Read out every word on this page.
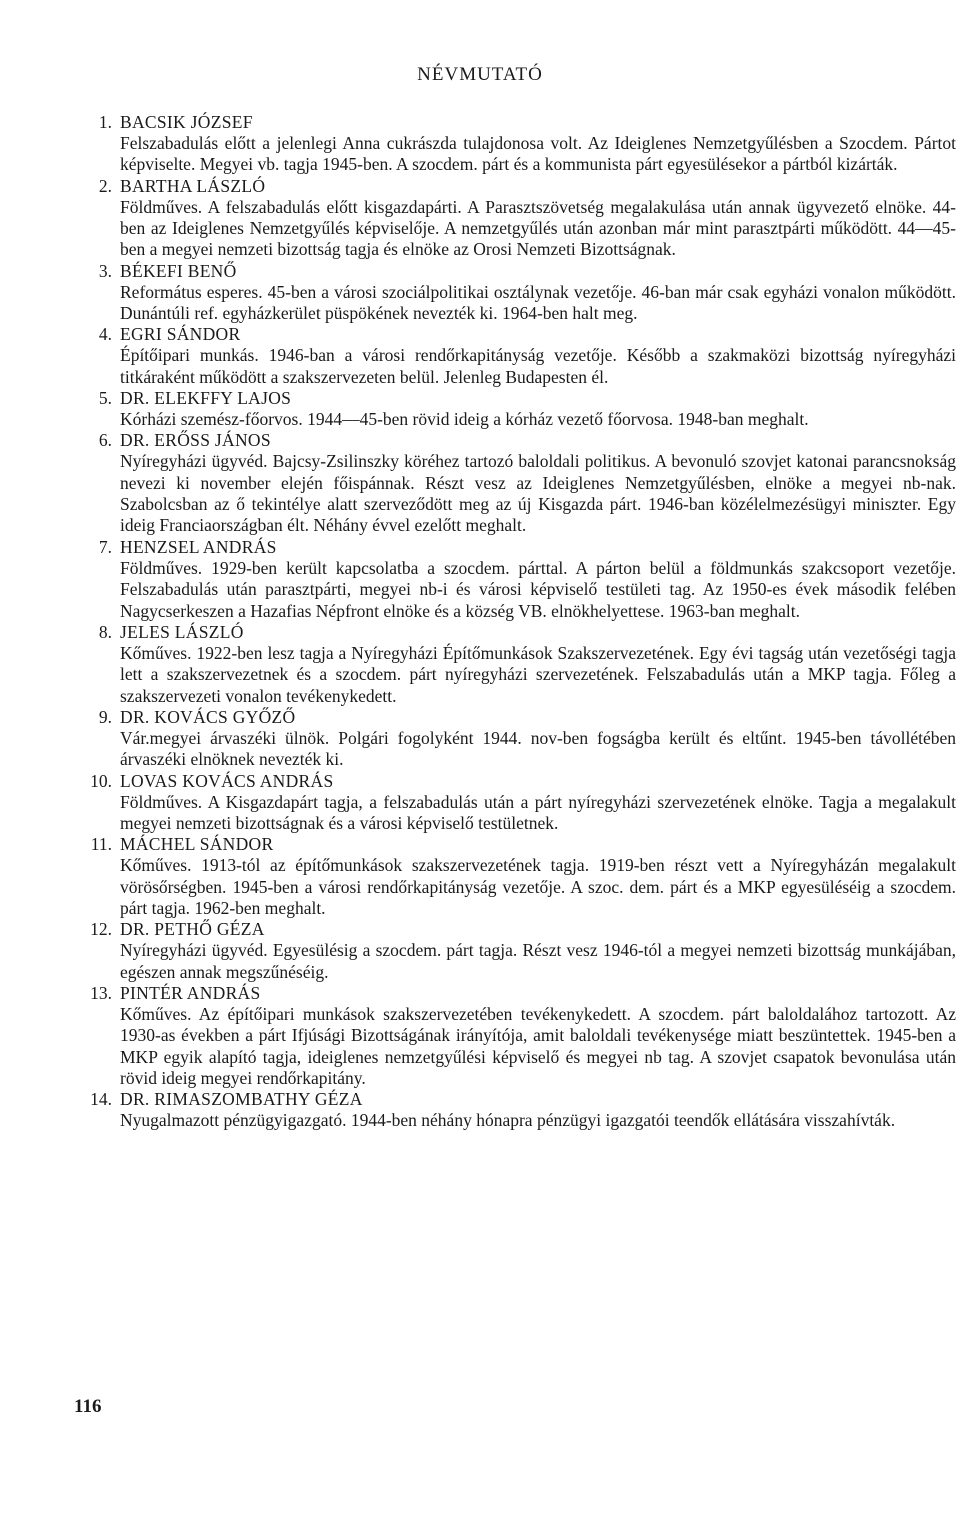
NÉVMUTATÓ
1. BACSIK JÓZSEF
Felszabadulás előtt a jelenlegi Anna cukrászda tulajdonosa volt. Az Ideiglenes Nemzetgyűlésben a Szocdem. Pártot képviselte. Megyei vb. tagja 1945-ben. A szocdem. párt és a kommunista párt egyesülésekor a pártból kizárták.
2. BARTHA LÁSZLÓ
Földműves. A felszabadulás előtt kisgazdapárti. A Parasztszövetség megalakulása után annak ügyvezető elnöke. 44-ben az Ideiglenes Nemzetgyűlés képviselője. A nemzetgyűlés után azonban már mint parasztpárti működött. 44—45-ben a megyei nemzeti bizottság tagja és elnöke az Orosi Nemzeti Bizottságnak.
3. BÉKEFI BENŐ
Református esperes. 45-ben a városi szociálpolitikai osztálynak vezetője. 46-ban már csak egyházi vonalon működött. Dunántúli ref. egyházkerület püspökének nevezték ki. 1964-ben halt meg.
4. EGRI SÁNDOR
Építőipari munkás. 1946-ban a városi rendőrkapitányság vezetője. Később a szakmaközi bizottság nyíregyházi titkáraként működött a szakszervezeten belül. Jelenleg Budapesten él.
5. DR. ELEKFFY LAJOS
Kórházi szemész-főorvos. 1944—45-ben rövid ideig a kórház vezető főorvosa. 1948-ban meghalt.
6. DR. ERŐSS JÁNOS
Nyíregyházi ügyvéd. Bajcsy-Zsilinszky köréhez tartozó baloldali politikus. A bevonuló szovjet katonai parancsnokság nevezi ki november elején főispánnak. Részt vesz az Ideiglenes Nemzetgyűlésben, elnöke a megyei nb-nak. Szabolcsban az ő tekintélye alatt szerveződött meg az új Kisgazda párt. 1946-ban közélelmezésügyi miniszter. Egy ideig Franciaországban élt. Néhány évvel ezelőtt meghalt.
7. HENZSEL ANDRÁS
Földműves. 1929-ben került kapcsolatba a szocdem. párttal. A párton belül a földmunkás szakcsoport vezetője. Felszabadulás után parasztpárti, megyei nb-i és városi képviselő testületi tag. Az 1950-es évek második felében Nagycserkeszen a Hazafias Népfront elnöke és a község VB. elnökhelyettese. 1963-ban meghalt.
8. JELES LÁSZLÓ
Kőműves. 1922-ben lesz tagja a Nyíregyházi Építőmunkások Szakszervezetének. Egy évi tagság után vezetőségi tagja lett a szakszervezetnek és a szocdem. párt nyíregyházi szervezetének. Felszabadulás után a MKP tagja. Főleg a szakszervezeti vonalon tevékenykedett.
9. DR. KOVÁCS GYŐZŐ
Vár.megyei árvaszéki ülnök. Polgári fogolyként 1944. nov-ben fogságba került és eltűnt. 1945-ben távollétében árvaszéki elnöknek nevezték ki.
10. LOVAS KOVÁCS ANDRÁS
Földműves. A Kisgazdapárt tagja, a felszabadulás után a párt nyíregyházi szervezetének elnöke. Tagja a megalakult megyei nemzeti bizottságnak és a városi képviselő testületnek.
11. MÁCHEL SÁNDOR
Kőműves. 1913-tól az építőmunkások szakszervezetének tagja. 1919-ben részt vett a Nyíregyházán megalakult vörösőrségben. 1945-ben a városi rendőrkapitányság vezetője. A szoc. dem. párt és a MKP egyesüléséig a szocdem. párt tagja. 1962-ben meghalt.
12. DR. PETHŐ GÉZA
Nyíregyházi ügyvéd. Egyesülésig a szocdem. párt tagja. Részt vesz 1946-tól a megyei nemzeti bizottság munkájában, egészen annak megszűnéséig.
13. PINTÉR ANDRÁS
Kőműves. Az építőipari munkások szakszervezetében tevékenykedett. A szocdem. párt baloldalához tartozott. Az 1930-as években a párt Ifjúsági Bizottságának irányítója, amit baloldali tevékenysége miatt beszüntettek. 1945-ben a MKP egyik alapító tagja, ideiglenes nemzetgyűlési képviselő és megyei nb tag. A szovjet csapatok bevonulása után rövid ideig megyei rendőrkapitány.
14. DR. RIMASZOMBATHY GÉZA
Nyugalmazott pénzügyigazgató. 1944-ben néhány hónapra pénzügyi igazgatói teendők ellátására visszahívták.
116
